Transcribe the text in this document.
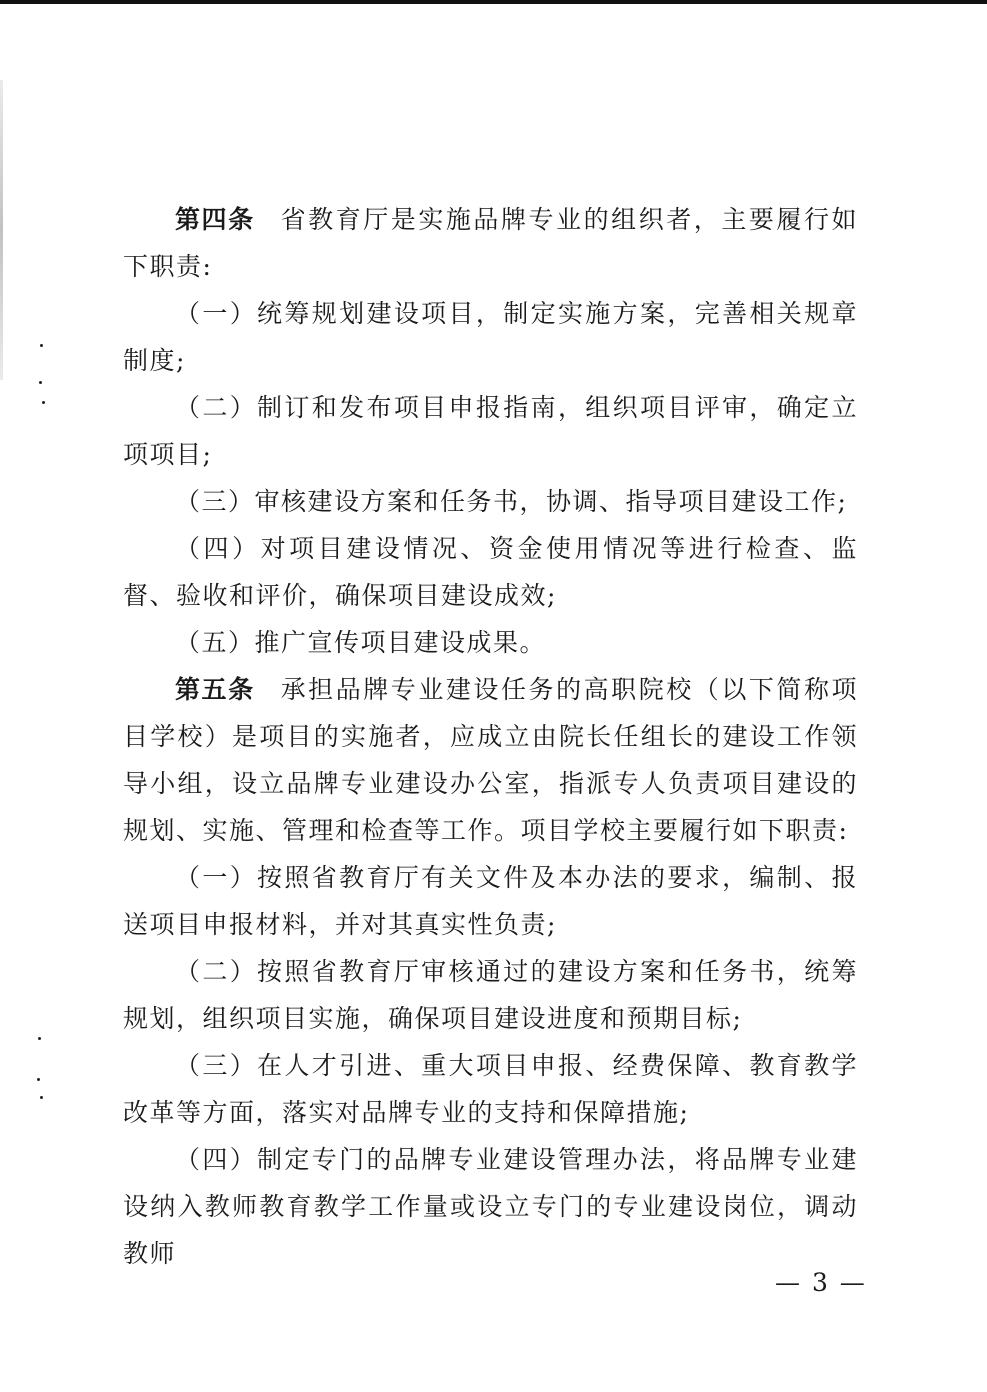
第四条 省教育厅是实施品牌专业的组织者，主要履行如下职责:

（一）统筹规划建设项目，制定实施方案，完善相关规章制度;

（二）制订和发布项目申报指南，组织项目评审，确定立项项目;

（三）审核建设方案和任务书，协调、指导项目建设工作;

（四）对项目建设情况、资金使用情况等进行检查、监督、验收和评价，确保项目建设成效;

（五）推广宣传项目建设成果。

第五条 承担品牌专业建设任务的高职院校（以下简称项目学校）是项目的实施者，应成立由院长任组长的建设工作领导小组，设立品牌专业建设办公室，指派专人负责项目建设的规划、实施、管理和检查等工作。项目学校主要履行如下职责:

（一）按照省教育厅有关文件及本办法的要求，编制、报送项目申报材料，并对其真实性负责;

（二）按照省教育厅审核通过的建设方案和任务书，统筹规划，组织项目实施，确保项目建设进度和预期目标;

（三）在人才引进、重大项目申报、经费保障、教育教学改革等方面，落实对品牌专业的支持和保障措施;

（四）制定专门的品牌专业建设管理办法，将品牌专业建设纳入教师教育教学工作量或设立专门的专业建设岗位，调动教师

— 3 —
